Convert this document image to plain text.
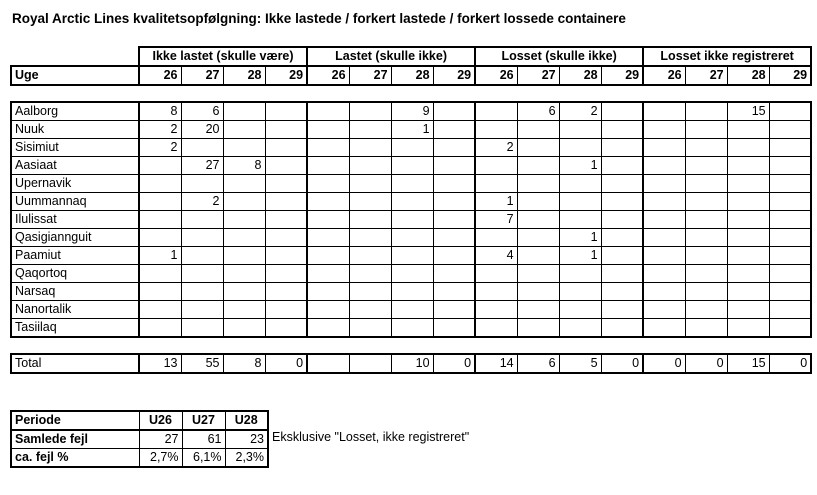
Royal Arctic Lines kvalitetsopfølgning: Ikke lastede / forkert lastede / forkert lossede containere
	Ikke lastet (skulle være)				Lastet (skulle ikke)				Losset (skulle ikke)				Losset ikke registreret			
Uge	26	27	28	29	26	27	28	29	26	27	28	29	26	27	28	29

Aalborg	8	6					9			6	2				15	
Nuuk	2	20					1									
Sisimiut	2								2							
Aasiaat		27	8								1					
Upernavik																
Uummannaq		2							1							
Ilulissat									7							
Qasigiannguit											1					
Paamiut	1								4		1					
Qaqortoq																
Narsaq																
Nanortalik																
Tasiilaq																

Total	13	55	8	0			10	0	14	6	5	0	0	0	15	0
Periode	U26	U27	U28
Samlede fejl	27	61	23
ca. fejl %	2,7%	6,1%	2,3%
Eksklusive "Losset, ikke registreret"
